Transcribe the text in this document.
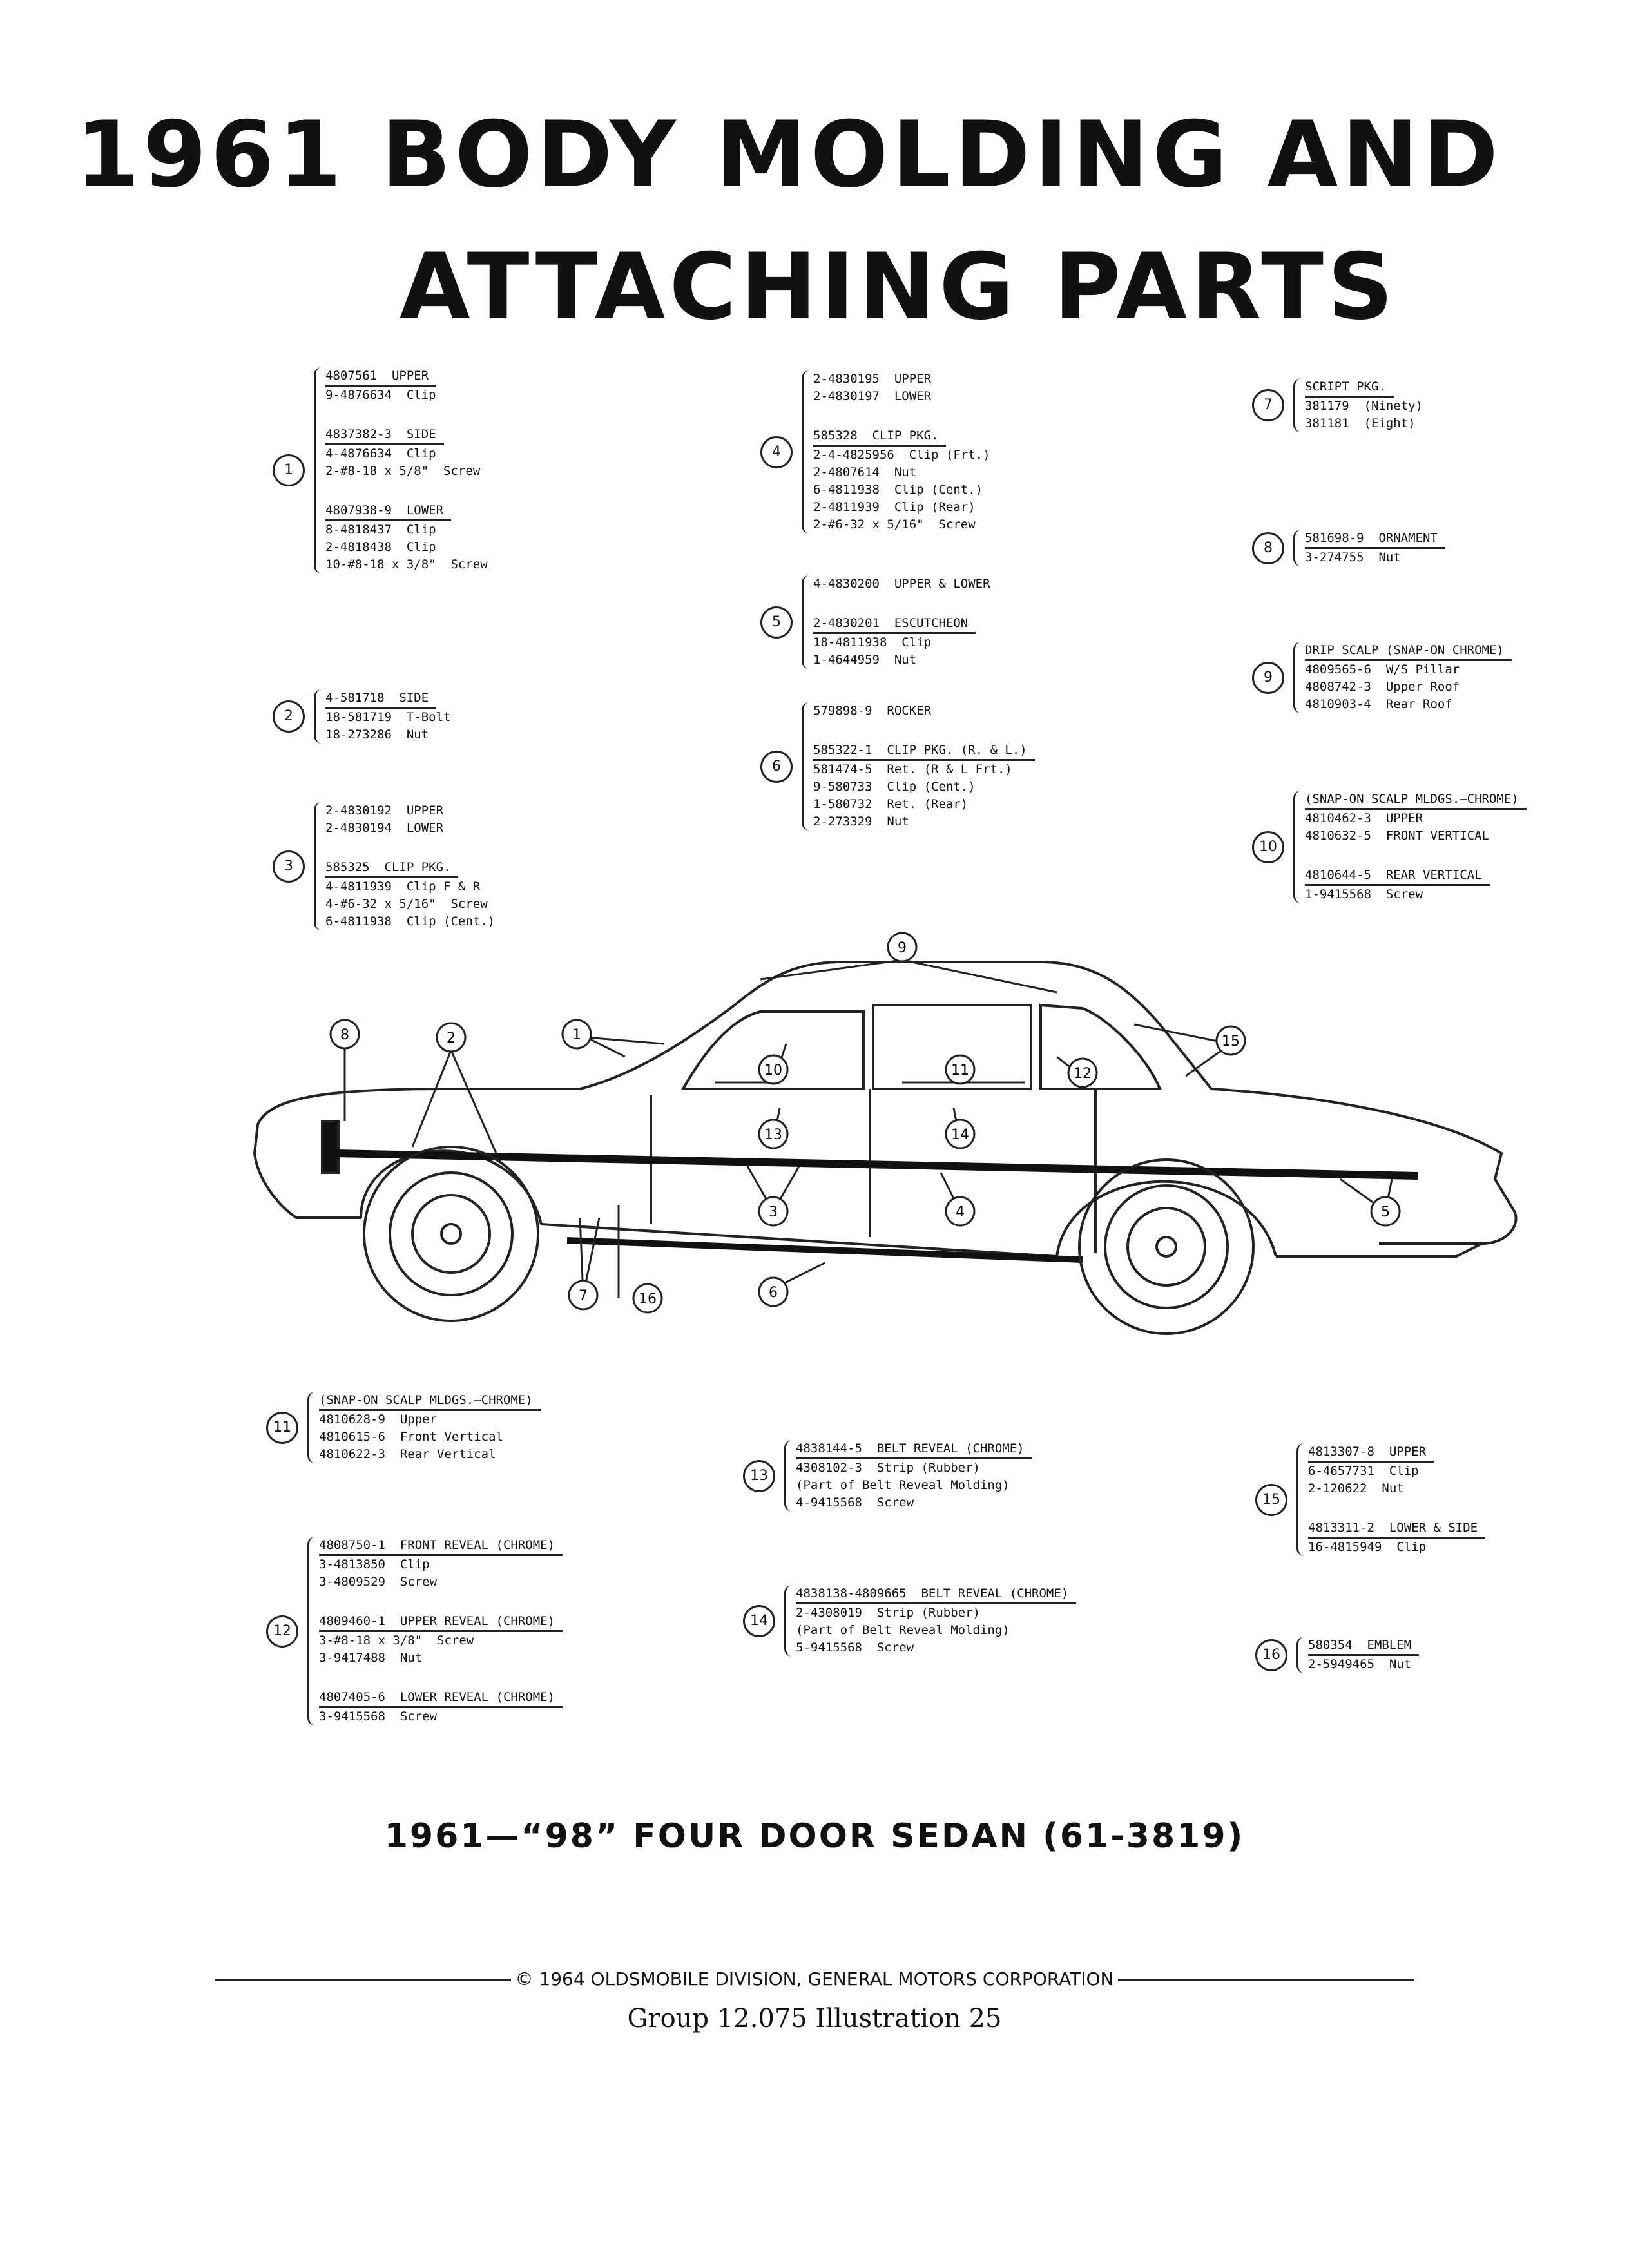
1961 BODY MOLDING AND
ATTACHING PARTS
4807561  UPPER
9-4876634  Clip
4837382-3  SIDE
4-4876634  Clip
2-#8-18 x 5/8"  Screw
4807938-9  LOWER
8-4818437  Clip
2-4818438  Clip
10-#8-18 x 3/8"  Screw
1
4-581718  SIDE
18-581719  T-Bolt
18-273286  Nut
2
2-4830192  UPPER
2-4830194  LOWER
585325  CLIP PKG.
4-4811939  Clip F & R
4-#6-32 x 5/16"  Screw
6-4811938  Clip (Cent.)
3
2-4830195  UPPER
2-4830197  LOWER
585328  CLIP PKG.
2-4-4825956  Clip (Frt.)
2-4807614  Nut
6-4811938  Clip (Cent.)
2-4811939  Clip (Rear)
2-#6-32 x 5/16"  Screw
4
4-4830200  UPPER & LOWER
2-4830201  ESCUTCHEON
18-4811938  Clip
1-4644959  Nut
5
579898-9  ROCKER
585322-1  CLIP PKG. (R. & L.)
581474-5  Ret. (R & L Frt.)
9-580733  Clip (Cent.)
1-580732  Ret. (Rear)
2-273329  Nut
6
SCRIPT PKG.
381179  (Ninety)
381181  (Eight)
7
581698-9  ORNAMENT
3-274755  Nut
8
DRIP SCALP (SNAP-ON CHROME)
4809565-6  W/S Pillar
4808742-3  Upper Roof
4810903-4  Rear Roof
9
(SNAP-ON SCALP MLDGS.—CHROME)
4810462-3  UPPER
4810632-5  FRONT VERTICAL
4810644-5  REAR VERTICAL
1-9415568  Screw
10
(SNAP-ON SCALP MLDGS.—CHROME)
4810628-9  Upper
4810615-6  Front Vertical
4810622-3  Rear Vertical
11
4808750-1  FRONT REVEAL (CHROME)
3-4813850  Clip
3-4809529  Screw
4809460-1  UPPER REVEAL (CHROME)
3-#8-18 x 3/8"  Screw
3-9417488  Nut
4807405-6  LOWER REVEAL (CHROME)
3-9415568  Screw
12
4838144-5  BELT REVEAL (CHROME)
4308102-3  Strip (Rubber)
(Part of Belt Reveal Molding)
4-9415568  Screw
13
4838138-4809665  BELT REVEAL (CHROME)
2-4308019  Strip (Rubber)
(Part of Belt Reveal Molding)
5-9415568  Screw
14
4813307-8  UPPER
6-4657731  Clip
2-120622  Nut
4813311-2  LOWER & SIDE
16-4815949  Clip
15
580354  EMBLEM
2-5949465  Nut
16
1
2
3	4	5
6
7
8
9
10	11	12
13	14
15
16
1961—“98” FOUR DOOR SEDAN (61-3819)
© 1964 OLDSMOBILE DIVISION, GENERAL MOTORS CORPORATION
Group 12.075 Illustration 25
